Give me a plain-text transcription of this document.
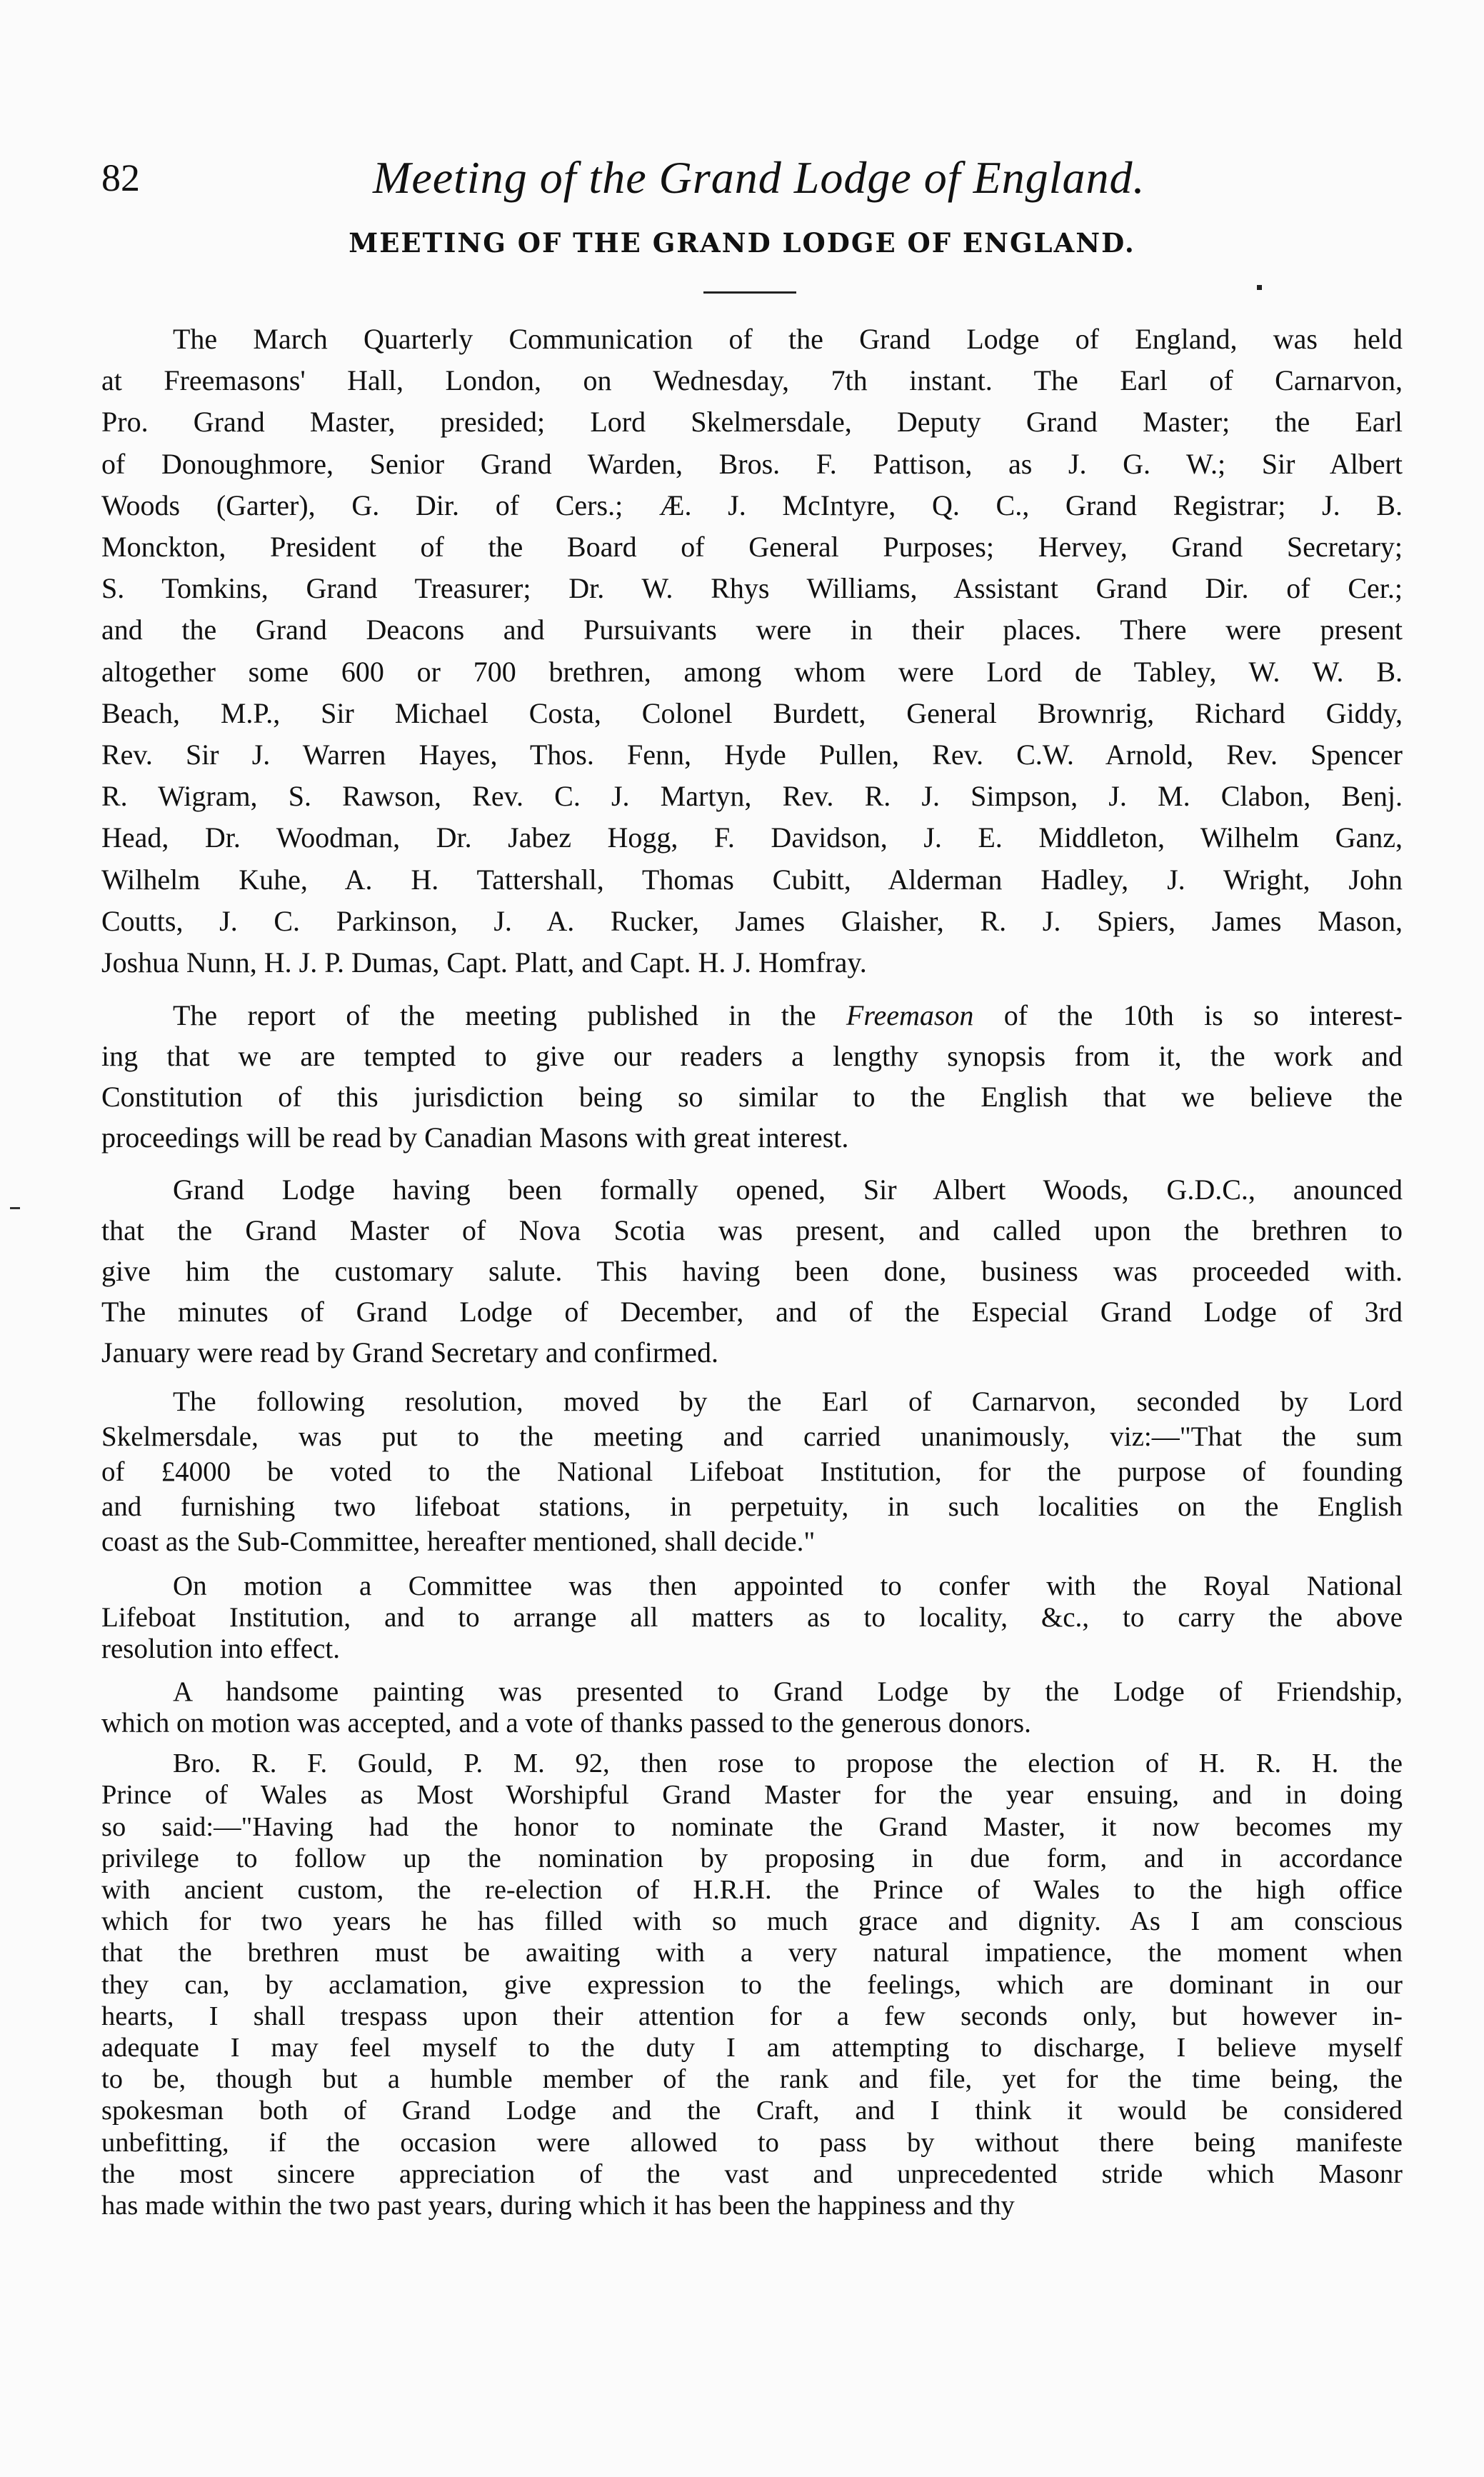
82	Meeting of the Grand Lodge of England.
MEETING OF THE GRAND LODGE OF ENGLAND.

The March Quarterly Communication of the Grand Lodge of England, was held
at Freemasons' Hall, London, on Wednesday, 7th instant. The Earl of Carnarvon,
Pro. Grand Master, presided; Lord Skelmersdale, Deputy Grand Master; the Earl
of Donoughmore, Senior Grand Warden, Bros. F. Pattison, as J. G. W.; Sir Albert
Woods (Garter), G. Dir. of Cers.; Æ. J. McIntyre, Q. C., Grand Registrar; J. B.
Monckton, President of the Board of General Purposes; Hervey, Grand Secretary;
S. Tomkins, Grand Treasurer; Dr. W. Rhys Williams, Assistant Grand Dir. of Cer.;
and the Grand Deacons and Pursuivants were in their places. There were present
altogether some 600 or 700 brethren, among whom were Lord de Tabley, W. W. B.
Beach, M.P., Sir Michael Costa, Colonel Burdett, General Brownrig, Richard Giddy,
Rev. Sir J. Warren Hayes, Thos. Fenn, Hyde Pullen, Rev. C.W. Arnold, Rev. Spencer
R. Wigram, S. Rawson, Rev. C. J. Martyn, Rev. R. J. Simpson, J. M. Clabon, Benj.
Head, Dr. Woodman, Dr. Jabez Hogg, F. Davidson, J. E. Middleton, Wilhelm Ganz,
Wilhelm Kuhe, A. H. Tattershall, Thomas Cubitt, Alderman Hadley, J. Wright, John
Coutts, J. C. Parkinson, J. A. Rucker, James Glaisher, R. J. Spiers, James Mason,
Joshua Nunn, H. J. P. Dumas, Capt. Platt, and Capt. H. J. Homfray.

The report of the meeting published in the Freemason of the 10th is so interest-
ing that we are tempted to give our readers a lengthy synopsis from it, the work and
Constitution of this jurisdiction being so similar to the English that we believe the
proceedings will be read by Canadian Masons with great interest.

Grand Lodge having been formally opened, Sir Albert Woods, G.D.C., anounced
that the Grand Master of Nova Scotia was present, and called upon the brethren to
give him the customary salute. This having been done, business was proceeded with.
The minutes of Grand Lodge of December, and of the Especial Grand Lodge of 3rd
January were read by Grand Secretary and confirmed.

The following resolution, moved by the Earl of Carnarvon, seconded by Lord
Skelmersdale, was put to the meeting and carried unanimously, viz:—"That the sum
of £4000 be voted to the National Lifeboat Institution, for the purpose of founding
and furnishing two lifeboat stations, in perpetuity, in such localities on the English
coast as the Sub-Committee, hereafter mentioned, shall decide."

On motion a Committee was then appointed to confer with the Royal National
Lifeboat Institution, and to arrange all matters as to locality, &c., to carry the above
resolution into effect.

A handsome painting was presented to Grand Lodge by the Lodge of Friendship,
which on motion was accepted, and a vote of thanks passed to the generous donors.

Bro. R. F. Gould, P. M. 92, then rose to propose the election of H. R. H. the
Prince of Wales as Most Worshipful Grand Master for the year ensuing, and in doing
so said:—"Having had the honor to nominate the Grand Master, it now becomes my
privilege to follow up the nomination by proposing in due form, and in accordance
with ancient custom, the re-election of H.R.H. the Prince of Wales to the high office
which for two years he has filled with so much grace and dignity. As I am conscious
that the brethren must be awaiting with a very natural impatience, the moment when
they can, by acclamation, give expression to the feelings, which are dominant in our
hearts, I shall trespass upon their attention for a few seconds only, but however in-
adequate I may feel myself to the duty I am attempting to discharge, I believe myself
to be, though but a humble member of the rank and file, yet for the time being, the
spokesman both of Grand Lodge and the Craft, and I think it would be considered
unbefitting, if the occasion were allowed to pass by without there being manifeste
the most sincere appreciation of the vast and unprecedented stride which Masonr
has made within the two past years, during which it has been the happiness and thy
